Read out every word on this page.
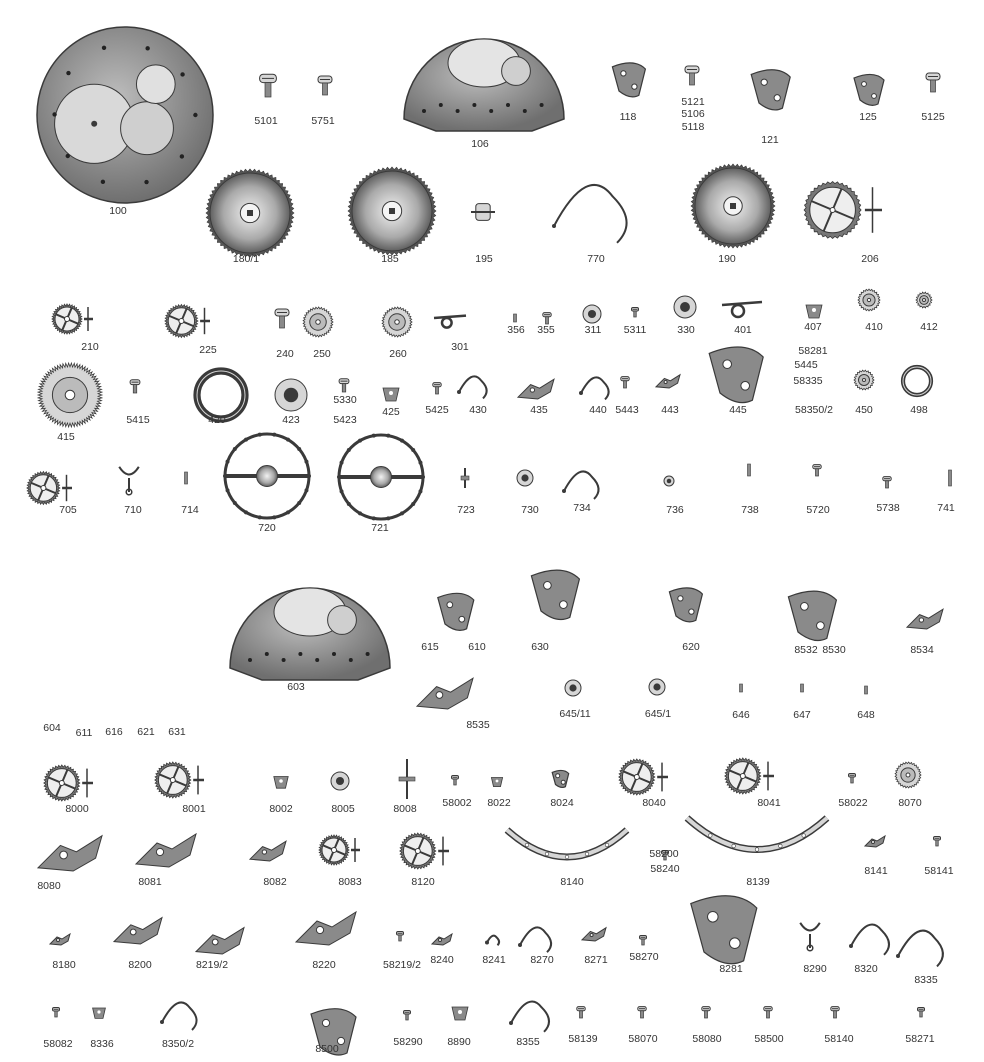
100
5101	5751
106
118
5121
5106
5118
121
125	5125
180/1	185	195	770	190	206
210	225	240 250	260
301
356 355	311 5311	330	401	407	410	412
58281
5445
58335
58350/2
415
5415	420	423
5330
5423
425 5425 430	435	440 5443 443	445	450	498
705	710	714
720	721
723	730	734	736	738	5720	5738	741
604 611 616 621 631
603
615	610	630	620	8532 8530	8534
8535
645/11	645/1	646	647	648
8000	8001	8002	8005	8008 58002 8022	8024	8040	8041	58022	8070
8080	8081	8082	8083	8120	8140
58200
58240
8139
8141	58141
8180	8200	8219/2	8220	58219/2 8240	8241 8270	8271 58270
8281	8290	8320
8335
58082 8336	8350/2	8500
58290 8890	8355	58139	58070	58080	58500	58140	58271
